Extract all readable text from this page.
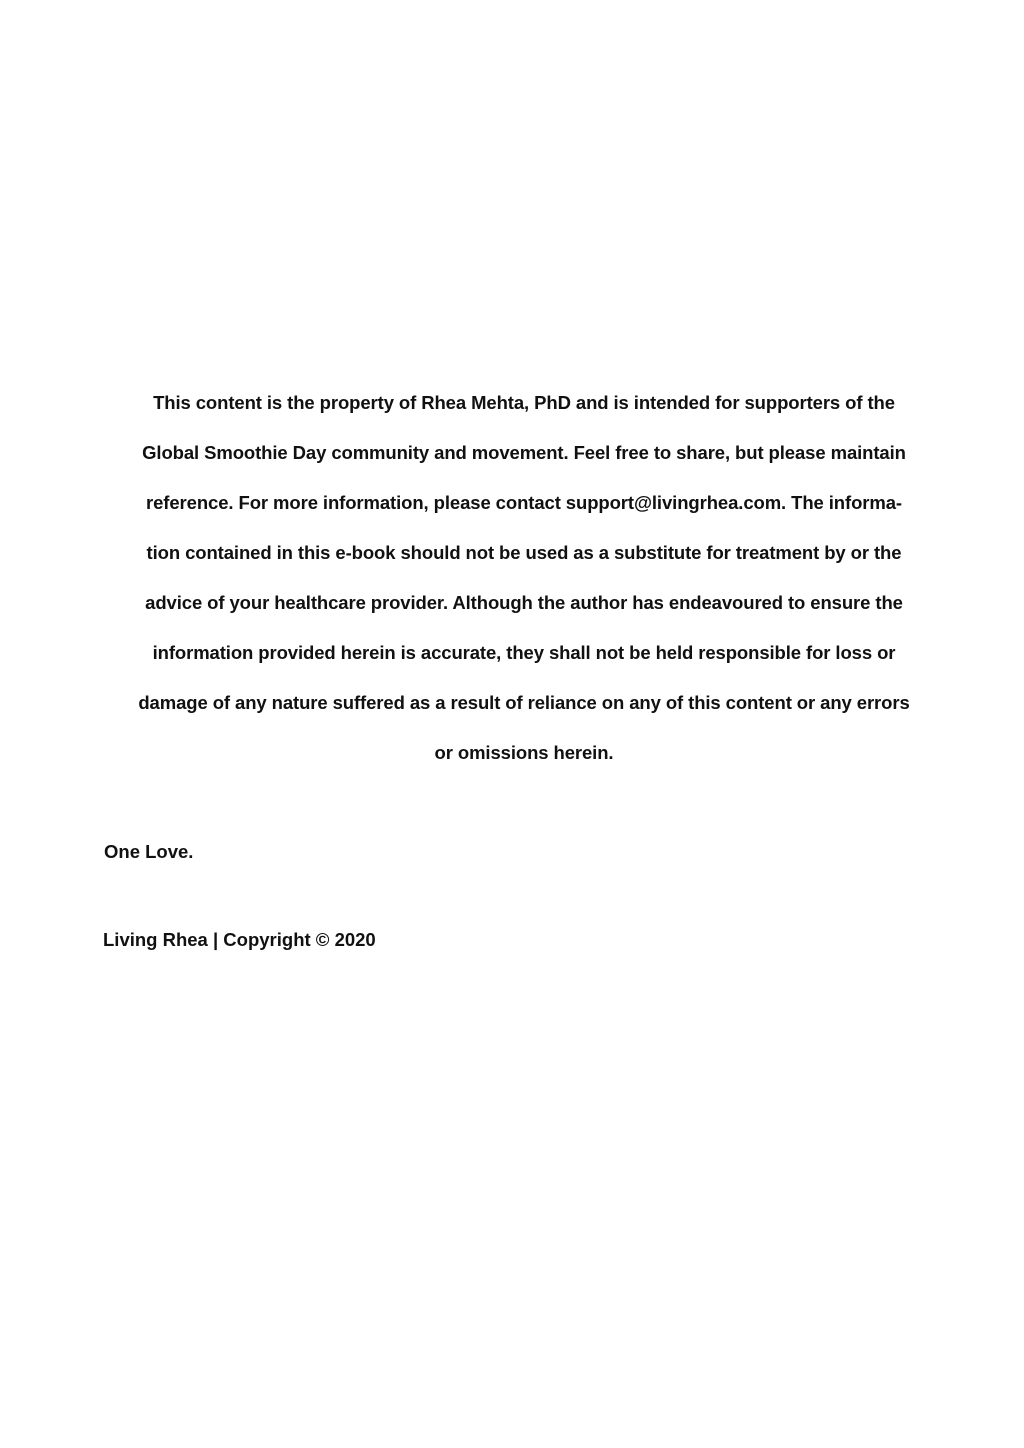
This content is the property of Rhea Mehta, PhD and is intended for supporters of the
Global Smoothie Day community and movement. Feel free to share, but please maintain
reference. For more information, please contact support@livingrhea.com. The informa-
tion contained in this e-book should not be used as a substitute for treatment by or the
advice of your healthcare provider. Although the author has endeavoured to ensure the
information provided herein is accurate, they shall not be held responsible for loss or
damage of any nature suffered as a result of reliance on any of this content or any errors
or omissions herein.

One Love.

Living Rhea | Copyright © 2020
